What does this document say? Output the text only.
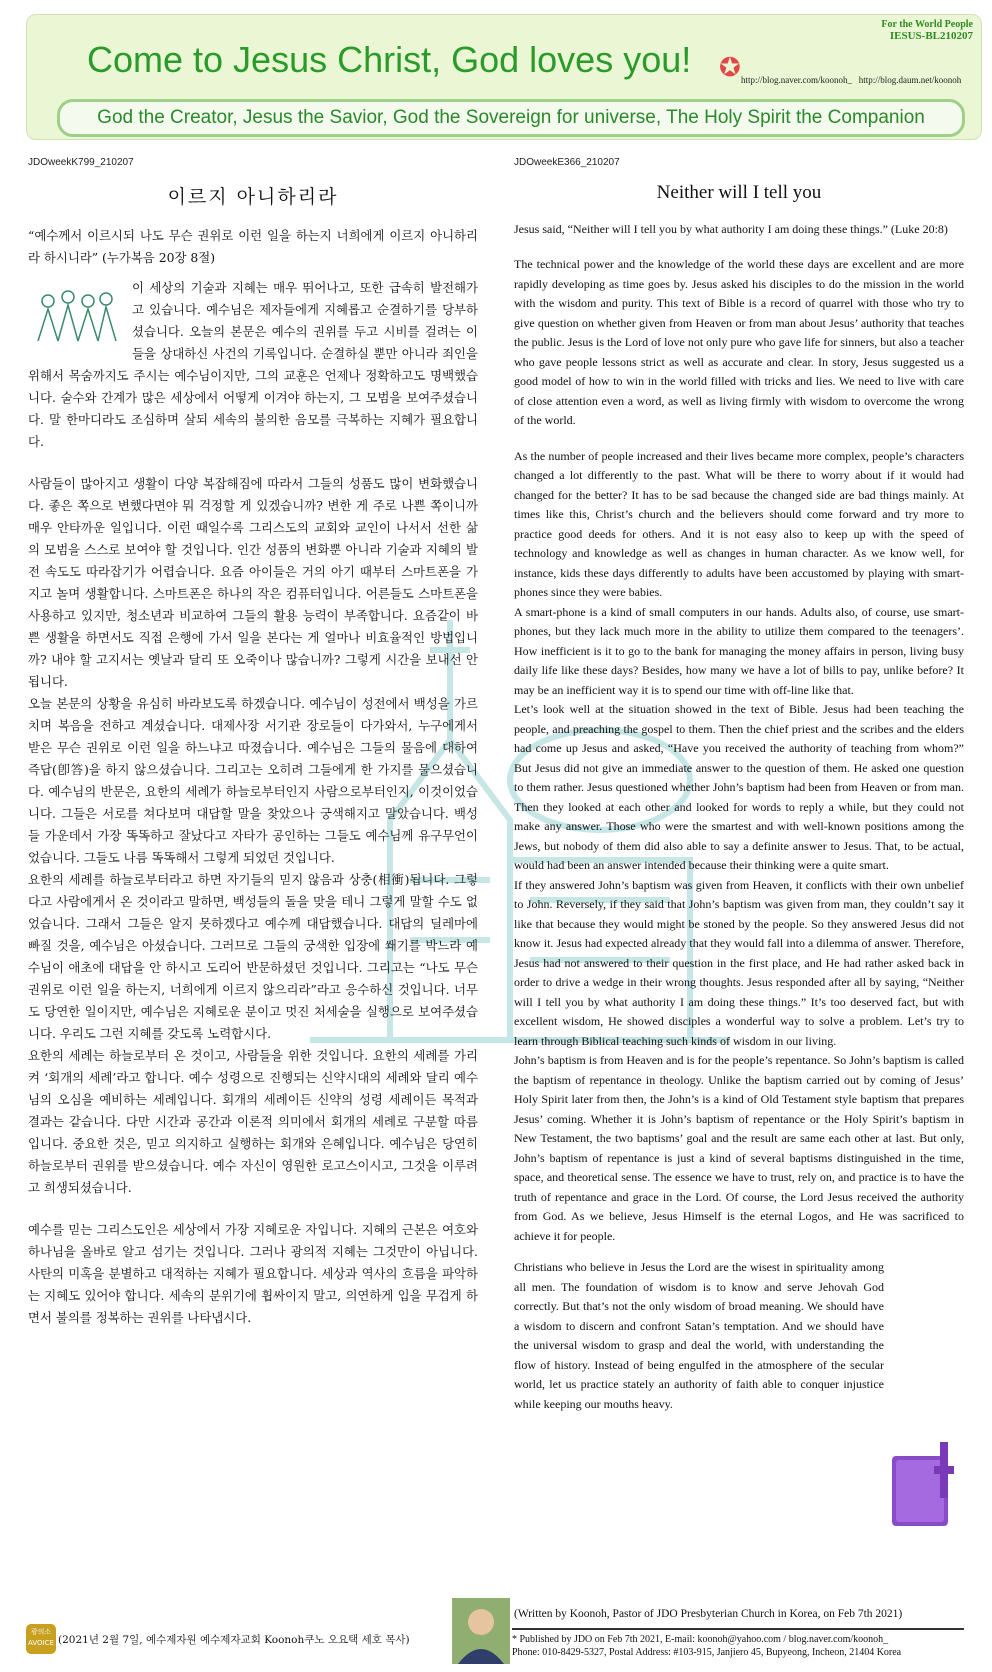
For the World People
IESUS-BL210207
Come to Jesus Christ, God loves you!	✪ http://blog.naver.com/koonoh_ http://blog.daum.net/koonoh
God the Creator, Jesus the Savior, God the Sovereign for universe, The Holy Spirit the Companion
JDOweekK799_210207
이르지 아니하리라
“예수께서 이르시되 나도 무슨 권위로 이런 일을 하는지 너희에게 이르지 아니하리라 하시니라” (누가복음 20장 8절)

이 세상의 기술과 지혜는 매우 뛰어나고, 또한 급속히 발전해가고 있습니다. 예수님은 제자들에게 지혜롭고 순결하기를 당부하셨습니다. 오늘의 본문은 예수의 권위를 두고 시비를 걸려는 이들을 상대하신 사건의 기록입니다. 순결하실 뿐만 아니라 죄인을 위해서 목숨까지도 주시는 예수님이지만, 그의 교훈은 언제나 정확하고도 명백했습니다. 술수와 간계가 많은 세상에서 어떻게 이겨야 하는지, 그 모범을 보여주셨습니다. 말 한마디라도 조심하며 살되 세속의 불의한 음모를 극복하는 지혜가 필요합니다.

사람들이 많아지고 생활이 다양 복잡해짐에 따라서 그들의 성품도 많이 변화했습니다. 좋은 쪽으로 변했다면야 뭐 걱정할 게 있겠습니까? 변한 게 주로 나쁜 쪽이니까 매우 안타까운 일입니다. 이런 때일수록 그리스도의 교회와 교인이 나서서 선한 삶의 모범을 스스로 보여야 할 것입니다. 인간 성품의 변화뿐 아니라 기술과 지혜의 발전 속도도 따라잡기가 어렵습니다. 요즘 아이들은 거의 아기 때부터 스마트폰을 가지고 놀며 생활합니다. 스마트폰은 하나의 작은 컴퓨터입니다. 어른들도 스마트폰을 사용하고 있지만, 청소년과 비교하여 그들의 활용 능력이 부족합니다. 요즘같이 바쁜 생활을 하면서도 직접 은행에 가서 일을 본다는 게 얼마나 비효율적인 방법입니까? 내야 할 고지서는 옛날과 달리 또 오죽이나 많습니까? 그렇게 시간을 보내선 안 됩니다.

오늘 본문의 상황을 유심히 바라보도록 하겠습니다. 예수님이 성전에서 백성을 가르치며 복음을 전하고 계셨습니다. 대제사장 서기관 장로들이 다가와서, 누구에게서 받은 무슨 권위로 이런 일을 하느냐고 따졌습니다. 예수님은 그들의 물음에 대하여 즉답(卽答)을 하지 않으셨습니다. 그리고는 오히려 그들에게 한 가지를 물으셨습니다. 예수님의 반문은, 요한의 세례가 하늘로부터인지 사람으로부터인지, 이것이었습니다. 그들은 서로를 쳐다보며 대답할 말을 찾았으나 궁색해지고 말았습니다. 백성들 가운데서 가장 똑똑하고 잘났다고 자타가 공인하는 그들도 예수님께 유구무언이었습니다. 그들도 나름 똑똑해서 그렇게 되었던 것입니다.

요한의 세례를 하늘로부터라고 하면 자기들의 믿지 않음과 상충(相衝)됩니다. 그렇다고 사람에게서 온 것이라고 말하면, 백성들의 돌을 맞을 테니 그렇게 말할 수도 없었습니다. 그래서 그들은 알지 못하겠다고 예수께 대답했습니다. 대답의 딜레마에 빠질 것을, 예수님은 아셨습니다. 그러므로 그들의 궁색한 입장에 쐐기를 박느라 예수님이 애초에 대답을 안 하시고 도리어 반문하셨던 것입니다. 그리고는 “나도 무슨 권위로 이런 일을 하는지, 너희에게 이르지 않으리라”라고 응수하신 것입니다. 너무도 당연한 일이지만, 예수님은 지혜로운 분이고 멋진 처세술을 실행으로 보여주셨습니다. 우리도 그런 지혜를 갖도록 노력합시다.

요한의 세례는 하늘로부터 온 것이고, 사람들을 위한 것입니다. 요한의 세례를 가리켜 ‘회개의 세례’라고 합니다. 예수 성령으로 진행되는 신약시대의 세례와 달리 예수님의 오심을 예비하는 세례입니다. 회개의 세례이든 신약의 성령 세례이든 목적과 결과는 같습니다. 다만 시간과 공간과 이론적 의미에서 회개의 세례로 구분할 따름입니다. 중요한 것은, 믿고 의지하고 실행하는 회개와 은혜입니다. 예수님은 당연히 하늘로부터 권위를 받으셨습니다. 예수 자신이 영원한 로고스이시고, 그것을 이루려고 희생되셨습니다.

예수를 믿는 그리스도인은 세상에서 가장 지혜로운 자입니다. 지혜의 근본은 여호와 하나님을 올바로 알고 섬기는 것입니다. 그러나 광의적 지혜는 그것만이 아닙니다. 사탄의 미혹을 분별하고 대적하는 지혜가 필요합니다. 세상과 역사의 흐름을 파악하는 지혜도 있어야 합니다. 세속의 분위기에 휩싸이지 말고, 의연하게 입을 무겁게 하면서 불의를 정복하는 권위를 나타냅시다.

광의소 AVOICE (2021년 2월 7일, 예수제자원 예수제자교회 Koonoh쿠노 오요택 세호 목사)
JDOweekE366_210207
Neither will I tell you
Jesus said, “Neither will I tell you by what authority I am doing these things.” (Luke 20:8)

The technical power and the knowledge of the world these days are excellent and are more rapidly developing as time goes by. Jesus asked his disciples to do the mission in the world with the wisdom and purity. This text of Bible is a record of quarrel with those who try to give question on whether given from Heaven or from man about Jesus’ authority that teaches the public. Jesus is the Lord of love not only pure who gave life for sinners, but also a teacher who gave people lessons strict as well as accurate and clear. In story, Jesus suggested us a good model of how to win in the world filled with tricks and lies. We need to live with care of close attention even a word, as well as living firmly with wisdom to overcome the wrong of the world.

As the number of people increased and their lives became more complex, people’s characters changed a lot differently to the past. What will be there to worry about if it would had changed for the better? It has to be sad because the changed side are bad things mainly. At times like this, Christ’s church and the believers should come forward and try more to practice good deeds for others. And it is not easy also to keep up with the speed of technology and knowledge as well as changes in human character. As we know well, for instance, kids these days differently to adults have been accustomed by playing with smart-phones since they were babies.

A smart-phone is a kind of small computers in our hands. Adults also, of course, use smart-phones, but they lack much more in the ability to utilize them compared to the teenagers’. How inefficient is it to go to the bank for managing the money affairs in person, living busy daily life like these days? Besides, how many we have a lot of bills to pay, unlike before? It may be an inefficient way it is to spend our time with off-line like that.

Let’s look well at the situation showed in the text of Bible. Jesus had been teaching the people, and preaching the gospel to them. Then the chief priest and the scribes and the elders had come up Jesus and asked, “Have you received the authority of teaching from whom?” But Jesus did not give an immediate answer to the question of them. He asked one question to them rather. Jesus questioned whether John’s baptism had been from Heaven or from man. Then they looked at each other and looked for words to reply a while, but they could not make any answer. Those who were the smartest and with well-known positions among the Jews, but nobody of them did also able to say a definite answer to Jesus. That, to be actual, would had been an answer intended because their thinking were a quite smart.

If they answered John’s baptism was given from Heaven, it conflicts with their own unbelief to John. Reversely, if they said that John’s baptism was given from man, they couldn’t say it like that because they would might be stoned by the people. So they answered Jesus did not know it. Jesus had expected already that they would fall into a dilemma of answer. Therefore, Jesus had not answered to their question in the first place, and He had rather asked back in order to drive a wedge in their wrong thoughts. Jesus responded after all by saying, “Neither will I tell you by what authority I am doing these things.” It’s too deserved fact, but with excellent wisdom, He showed disciples a wonderful way to solve a problem. Let’s try to learn through Biblical teaching such kinds of wisdom in our living.

John’s baptism is from Heaven and is for the people’s repentance. So John’s baptism is called the baptism of repentance in theology. Unlike the baptism carried out by coming of Jesus’ Holy Spirit later from then, the John’s is a kind of Old Testament style baptism that prepares Jesus’ coming. Whether it is John’s baptism of repentance or the Holy Spirit’s baptism in New Testament, the two baptisms’ goal and the result are same each other at last. But only, John’s baptism of repentance is just a kind of several baptisms distinguished in the time, space, and theoretical sense. The essence we have to trust, rely on, and practice is to have the truth of repentance and grace in the Lord. Of course, the Lord Jesus received the authority from God. As we believe, Jesus Himself is the eternal Logos, and He was sacrificed to achieve it for people.

Christians who believe in Jesus the Lord are the wisest in spirituality among all men. The foundation of wisdom is to know and serve Jehovah God correctly. But that’s not the only wisdom of broad meaning. We should have a wisdom to discern and confront Satan’s temptation. And we should have the universal wisdom to grasp and deal the world, with understanding the flow of history. Instead of being engulfed in the atmosphere of the secular world, let us practice stately an authority of faith able to conquer injustice while keeping our mouths heavy.

(Written by Koonoh, Pastor of JDO Presbyterian Church in Korea, on Feb 7th 2021)
* Published by JDO on Feb 7th 2021, E-mail: koonoh@yahoo.com / blog.naver.com/koonoh_
Phone: 010-8429-5327, Postal Address: #103-915, Janjiero 45, Bupyeong, Incheon, 21404 Korea
